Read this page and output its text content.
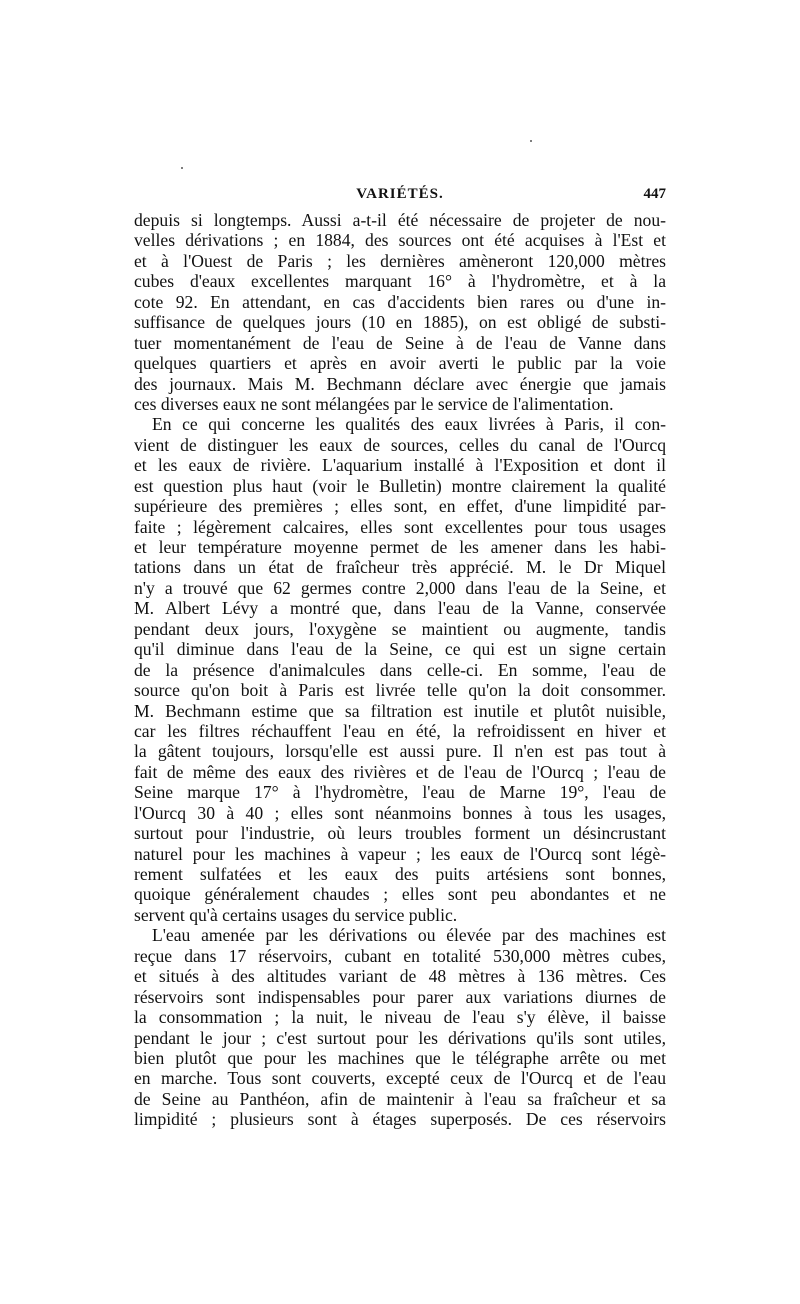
VARIÉTÉS.	447
depuis si longtemps. Aussi a-t-il été nécessaire de projeter de nou-
velles dérivations ; en 1884, des sources ont été acquises à l'Est et
et à l'Ouest de Paris ; les dernières amèneront 120,000 mètres
cubes d'eaux excellentes marquant 16° à l'hydromètre, et à la
cote 92. En attendant, en cas d'accidents bien rares ou d'une in-
suffisance de quelques jours (10 en 1885), on est obligé de substi-
tuer momentanément de l'eau de Seine à de l'eau de Vanne dans
quelques quartiers et après en avoir averti le public par la voie
des journaux. Mais M. Bechmann déclare avec énergie que jamais
ces diverses eaux ne sont mélangées par le service de l'alimentation.
En ce qui concerne les qualités des eaux livrées à Paris, il con-
vient de distinguer les eaux de sources, celles du canal de l'Ourcq
et les eaux de rivière. L'aquarium installé à l'Exposition et dont il
est question plus haut (voir le Bulletin) montre clairement la qualité
supérieure des premières ; elles sont, en effet, d'une limpidité par-
faite ; légèrement calcaires, elles sont excellentes pour tous usages
et leur température moyenne permet de les amener dans les habi-
tations dans un état de fraîcheur très apprécié. M. le Dr Miquel
n'y a trouvé que 62 germes contre 2,000 dans l'eau de la Seine, et
M. Albert Lévy a montré que, dans l'eau de la Vanne, conservée
pendant deux jours, l'oxygène se maintient ou augmente, tandis
qu'il diminue dans l'eau de la Seine, ce qui est un signe certain
de la présence d'animalcules dans celle-ci. En somme, l'eau de
source qu'on boit à Paris est livrée telle qu'on la doit consommer.
M. Bechmann estime que sa filtration est inutile et plutôt nuisible,
car les filtres réchauffent l'eau en été, la refroidissent en hiver et
la gâtent toujours, lorsqu'elle est aussi pure. Il n'en est pas tout à
fait de même des eaux des rivières et de l'eau de l'Ourcq ; l'eau de
Seine marque 17° à l'hydromètre, l'eau de Marne 19°, l'eau de
l'Ourcq 30 à 40 ; elles sont néanmoins bonnes à tous les usages,
surtout pour l'industrie, où leurs troubles forment un désincrustant
naturel pour les machines à vapeur ; les eaux de l'Ourcq sont légè-
rement sulfatées et les eaux des puits artésiens sont bonnes,
quoique généralement chaudes ; elles sont peu abondantes et ne
servent qu'à certains usages du service public.
L'eau amenée par les dérivations ou élevée par des machines est
reçue dans 17 réservoirs, cubant en totalité 530,000 mètres cubes,
et situés à des altitudes variant de 48 mètres à 136 mètres. Ces
réservoirs sont indispensables pour parer aux variations diurnes de
la consommation ; la nuit, le niveau de l'eau s'y élève, il baisse
pendant le jour ; c'est surtout pour les dérivations qu'ils sont utiles,
bien plutôt que pour les machines que le télégraphe arrête ou met
en marche. Tous sont couverts, excepté ceux de l'Ourcq et de l'eau
de Seine au Panthéon, afin de maintenir à l'eau sa fraîcheur et sa
limpidité ; plusieurs sont à étages superposés. De ces réservoirs
